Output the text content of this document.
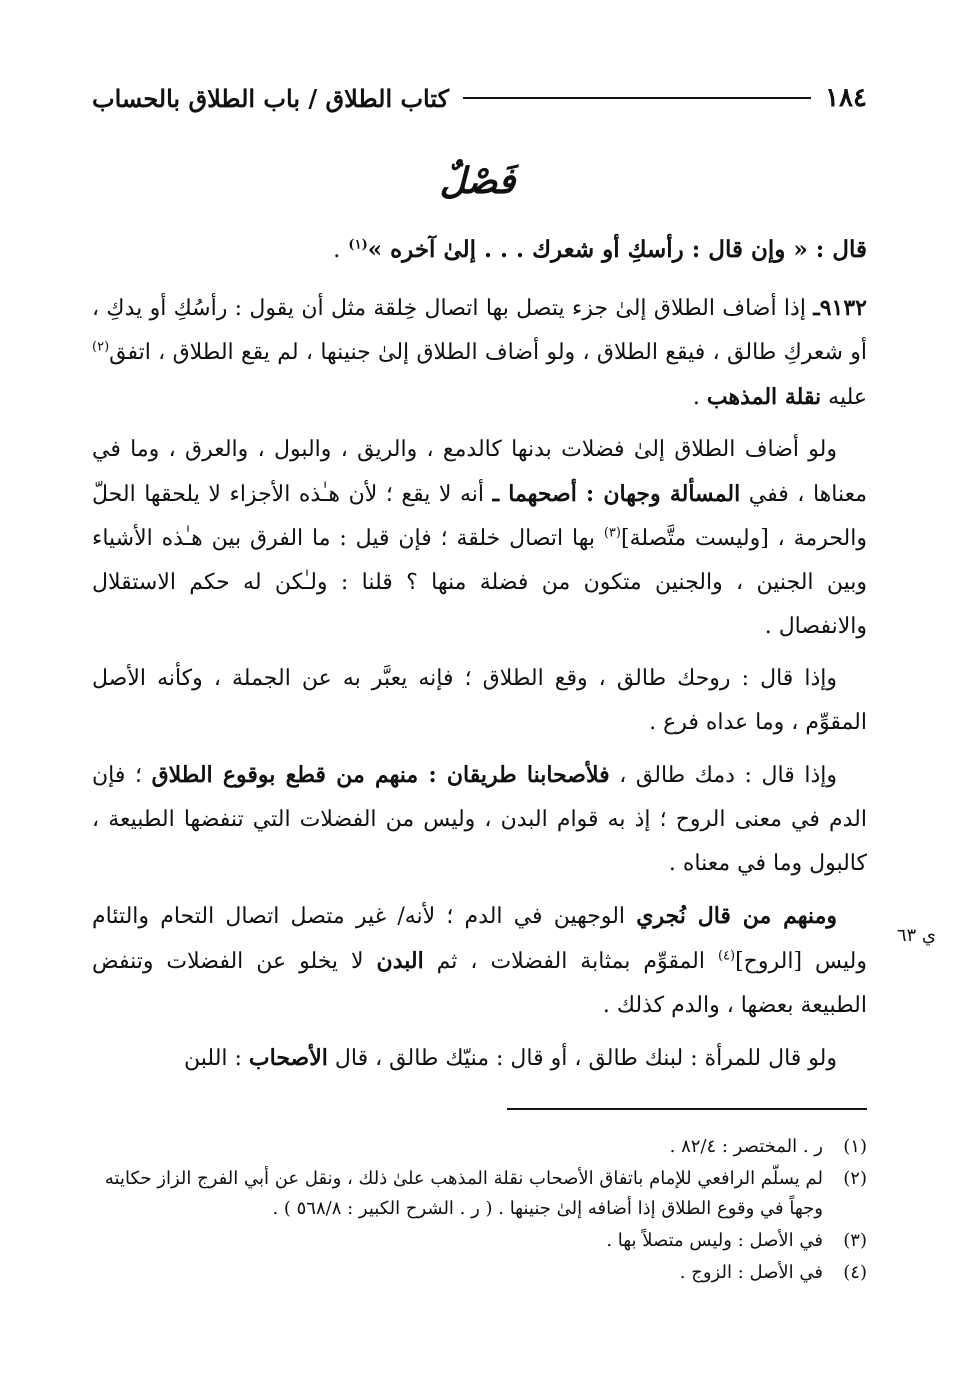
١٨٤
كتاب الطلاق / باب الطلاق بالحساب
فَصْلٌ
قال : « وإن قال : رأسكِ أو شعرك . . . إلىٰ آخره »$^{(١)}$ .

٩١٣٢ـ إذا أضاف الطلاق إلىٰ جزء يتصل بها اتصال خِلقة مثل أن يقول : رأسُكِ أو يدكِ ، أو شعركِ طالق ، فيقع الطلاق ، ولو أضاف الطلاق إلىٰ جنينها ، لم يقع الطلاق ، اتفق$^{(٢)}$ عليه نقلة المذهب .

ولو أضاف الطلاق إلىٰ فضلات بدنها كالدمع ، والريق ، والبول ، والعرق ، وما في معناها ، ففي المسألة وجهان : أصحهما ـ أنه لا يقع ؛ لأن هـٰذه الأجزاء لا يلحقها الحلّ والحرمة ، [وليست متَّصلة]$^{(٣)}$ بها اتصال خلقة ؛ فإن قيل : ما الفرق بين هـٰذه الأشياء وبين الجنين ، والجنين متكون من فضلة منها ؟ قلنا : ولـٰكن له حكم الاستقلال والانفصال .

وإذا قال : روحك طالق ، وقع الطلاق ؛ فإنه يعبَّر به عن الجملة ، وكأنه الأصل المقوِّم ، وما عداه فرع .

وإذا قال : دمك طالق ، فلأصحابنا طريقان : منهم من قطع بوقوع الطلاق ؛ فإن الدم في معنى الروح ؛ إذ به قوام البدن ، وليس من الفضلات التي تنفضها الطبيعة ، كالبول وما في معناه .

ومنهم من قال نُجري الوجهين في الدم ؛ لأنه/ غير متصل اتصال التحام والتئام وليس [الروح]$^{(٤)}$ المقوِّم بمثابة الفضلات ، ثم البدن لا يخلو عن الفضلات وتنفض الطبيعة بعضها ، والدم كذلك .

ولو قال للمرأة : لبنك طالق ، أو قال : منيّك طالق ، قال الأصحاب : اللبن

ي ٦٣
(١)
ر . المختصر : ٨٢/٤ .
(٢)
لم يسلّم الرافعي للإمام باتفاق الأصحاب نقلة المذهب علىٰ ذلك ، ونقل عن أبي الفرج الزاز حكايته وجهاً في وقوع الطلاق إذا أضافه إلىٰ جنينها . ( ر . الشرح الكبير : ٥٦٨/٨ ) .
(٣)
في الأصل : وليس متصلاً بها .
(٤)
في الأصل : الزوج .
